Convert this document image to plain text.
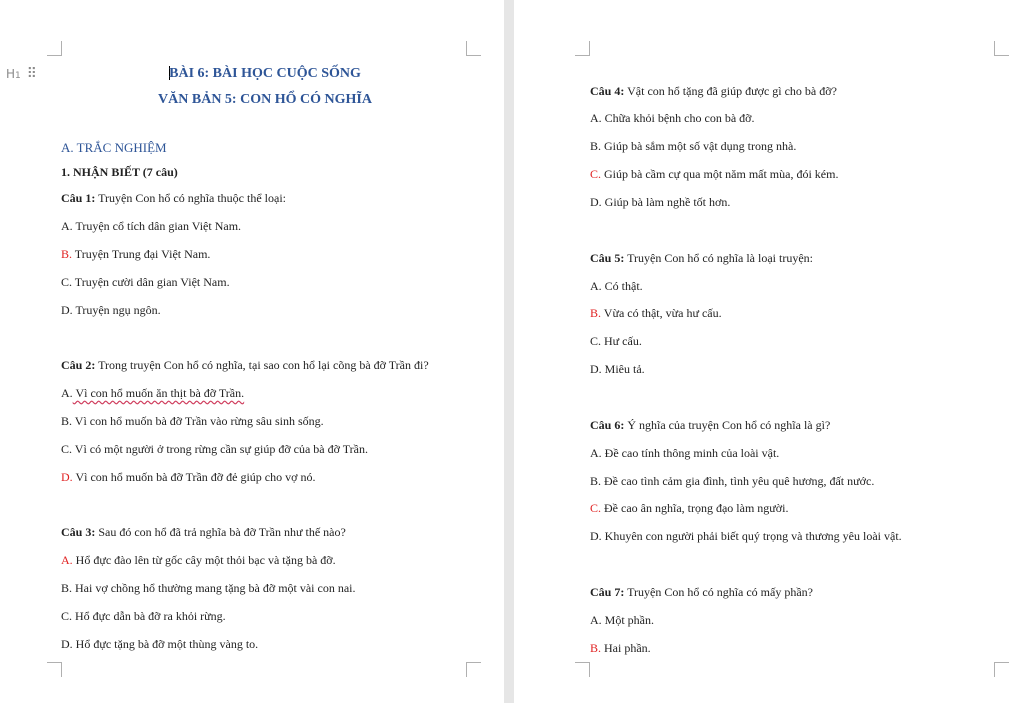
H1 ⠿	BÀI 6: BÀI HỌC CUỘC SỐNG
VĂN BẢN 5: CON HỔ CÓ NGHĨA
A. TRẮC NGHIỆM
1. NHẬN BIẾT (7 câu)
Câu 1: Truyện Con hổ có nghĩa thuộc thể loại:
A. Truyện cổ tích dân gian Việt Nam.
B. Truyện Trung đại Việt Nam.
C. Truyện cười dân gian Việt Nam.
D. Truyện ngụ ngôn.
Câu 2: Trong truyện Con hổ có nghĩa, tại sao con hổ lại cõng bà đỡ Trần đi?
A. Vì con hổ muốn ăn thịt bà đỡ Trần.
B. Vì con hổ muốn bà đỡ Trần vào rừng sâu sinh sống.
C. Vì có một người ở trong rừng cần sự giúp đỡ của bà đỡ Trần.
D. Vì con hổ muốn bà đỡ Trần đỡ đẻ giúp cho vợ nó.
Câu 3: Sau đó con hổ đã trả nghĩa bà đỡ Trần như thế nào?
A. Hổ đực đào lên từ gốc cây một thỏi bạc và tặng bà đỡ.
B. Hai vợ chồng hổ thường mang tặng bà đỡ một vài con nai.
C. Hổ đực dẫn bà đỡ ra khỏi rừng.
D. Hổ đực tặng bà đỡ một thùng vàng to.
Câu 4: Vật con hổ tặng đã giúp được gì cho bà đỡ?
A. Chữa khỏi bệnh cho con bà đỡ.
B. Giúp bà sắm một số vật dụng trong nhà.
C. Giúp bà cầm cự qua một năm mất mùa, đói kém.
D. Giúp bà làm nghề tốt hơn.
Câu 5: Truyện Con hổ có nghĩa là loại truyện:
A. Có thật.
B. Vừa có thật, vừa hư cấu.
C. Hư cấu.
D. Miêu tả.
Câu 6: Ý nghĩa của truyện Con hổ có nghĩa là gì?
A. Đề cao tính thông minh của loài vật.
B. Đề cao tình cảm gia đình, tình yêu quê hương, đất nước.
C. Đề cao ân nghĩa, trọng đạo làm người.
D. Khuyên con người phải biết quý trọng và thương yêu loài vật.
Câu 7: Truyện Con hổ có nghĩa có mấy phần?
A. Một phần.
B. Hai phần.
